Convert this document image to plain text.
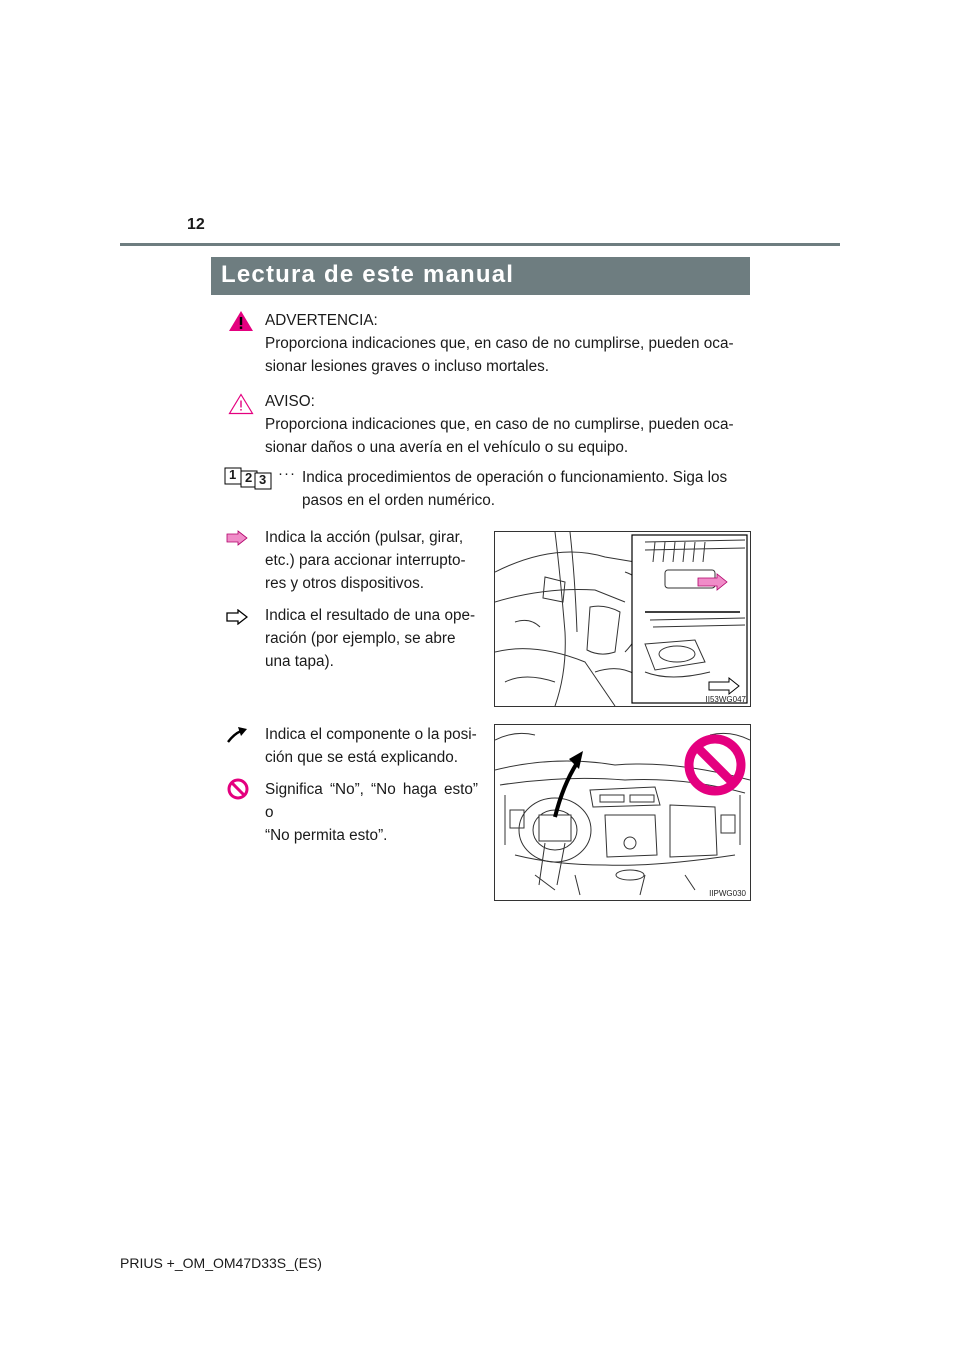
12
Lectura de este manual
ADVERTENCIA:
Proporciona indicaciones que, en caso de no cumplirse, pueden oca-
sionar lesiones graves o incluso mortales.
AVISO:
Proporciona indicaciones que, en caso de no cumplirse, pueden oca-
sionar daños o una avería en el vehículo o su equipo.
1 2 3 ··· Indica procedimientos de operación o funcionamiento. Siga los
pasos en el orden numérico.
Indica la acción (pulsar, girar,
etc.) para accionar interrupto-
res y otros dispositivos.
Indica el resultado de una ope-
ración (por ejemplo, se abre
una tapa).
II53WG047
Indica el componente o la posi-
ción que se está explicando.
Significa “No”, “No haga esto” o
“No permita esto”.
IIPWG030
PRIUS +_OM_OM47D33S_(ES)
